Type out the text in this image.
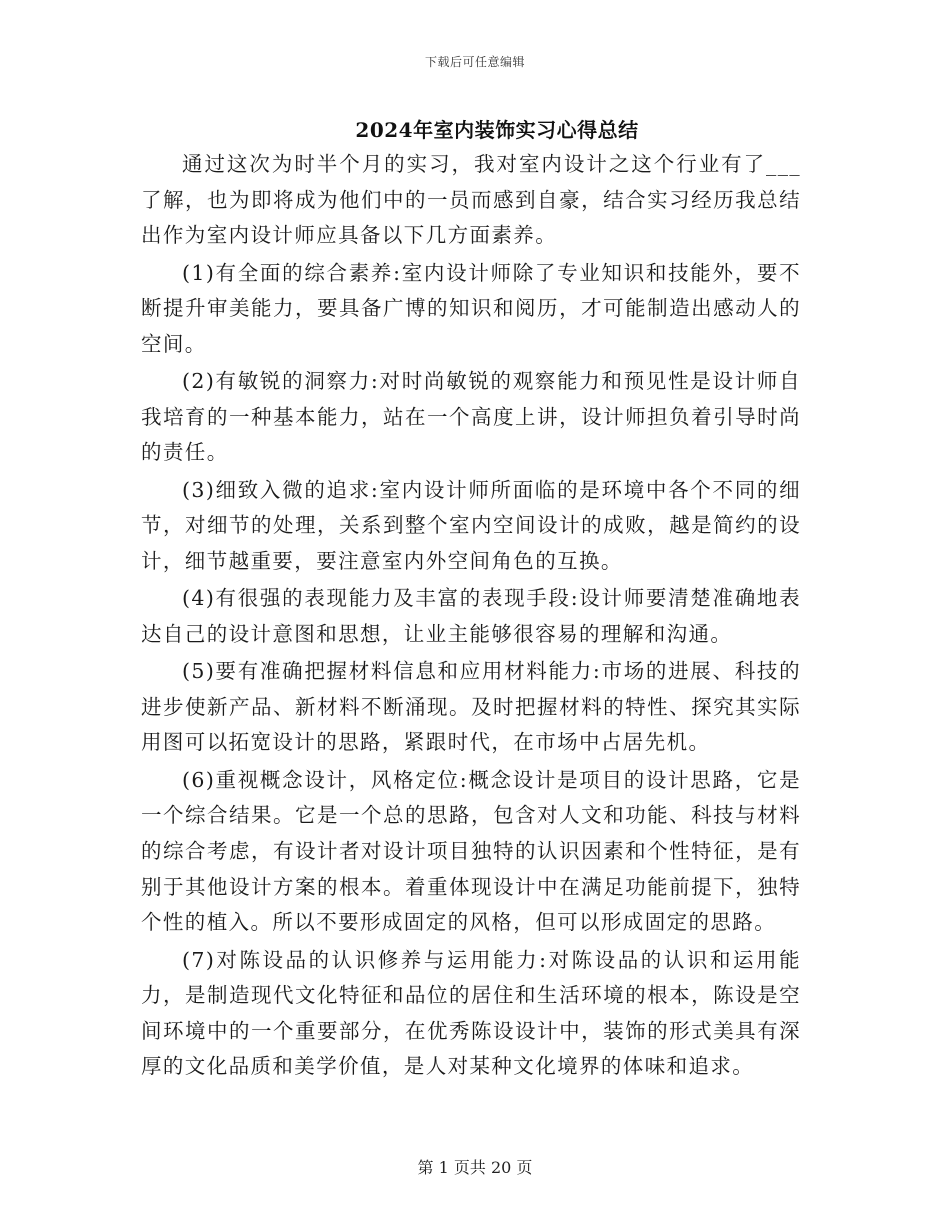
下载后可任意编辑
2024年室内装饰实习心得总结

通过这次为时半个月的实习，我对室内设计之这个行业有了___了解，也为即将成为他们中的一员而感到自豪，结合实习经历我总结出作为室内设计师应具备以下几方面素养。

(1)有全面的综合素养:室内设计师除了专业知识和技能外，要不断提升审美能力，要具备广博的知识和阅历，才可能制造出感动人的空间。

(2)有敏锐的洞察力:对时尚敏锐的观察能力和预见性是设计师自我培育的一种基本能力，站在一个高度上讲，设计师担负着引导时尚的责任。

(3)细致入微的追求:室内设计师所面临的是环境中各个不同的细节，对细节的处理，关系到整个室内空间设计的成败，越是简约的设计，细节越重要，要注意室内外空间角色的互换。

(4)有很强的表现能力及丰富的表现手段:设计师要清楚准确地表达自己的设计意图和思想，让业主能够很容易的理解和沟通。

(5)要有准确把握材料信息和应用材料能力:市场的进展、科技的进步使新产品、新材料不断涌现。及时把握材料的特性、探究其实际用图可以拓宽设计的思路，紧跟时代，在市场中占居先机。

(6)重视概念设计，风格定位:概念设计是项目的设计思路，它是一个综合结果。它是一个总的思路，包含对人文和功能、科技与材料的综合考虑，有设计者对设计项目独特的认识因素和个性特征，是有别于其他设计方案的根本。着重体现设计中在满足功能前提下，独特个性的植入。所以不要形成固定的风格，但可以形成固定的思路。

(7)对陈设品的认识修养与运用能力:对陈设品的认识和运用能力，是制造现代文化特征和品位的居住和生活环境的根本，陈设是空间环境中的一个重要部分，在优秀陈设设计中，装饰的形式美具有深厚的文化品质和美学价值，是人对某种文化境界的体味和追求。

第 1 页共 20 页
